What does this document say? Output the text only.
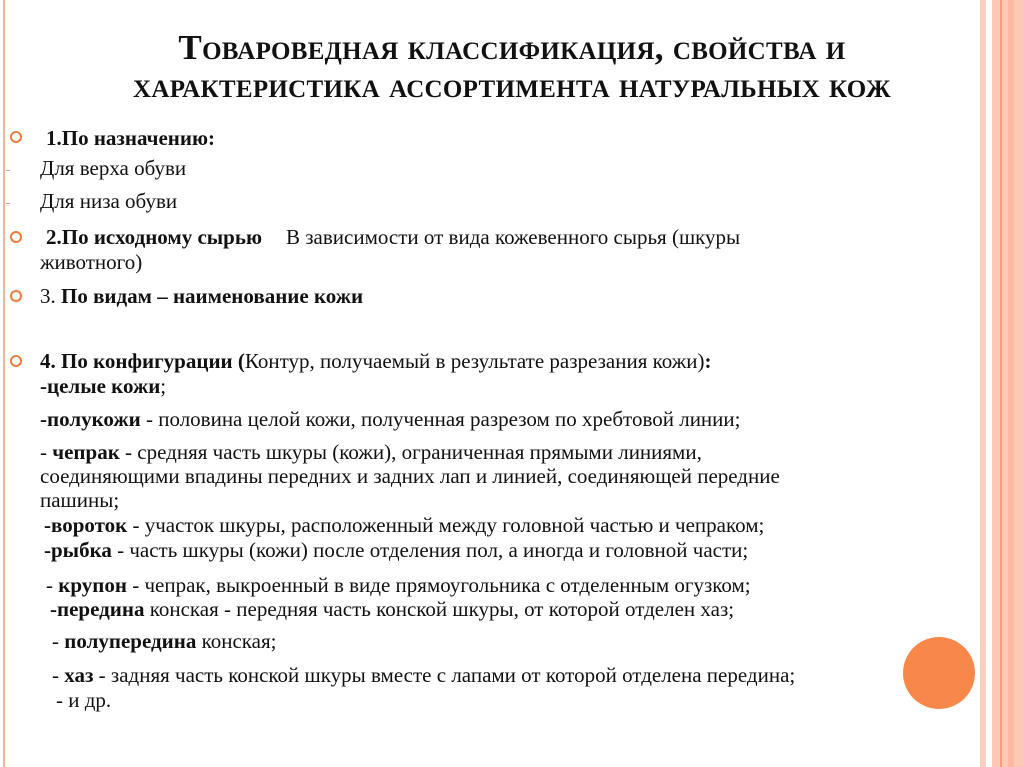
Товароведная классификация, свойства и
характеристика ассортимента натуральных кож
1.По назначению:
Для верха обуви
Для низа обуви
2.По исходному сырью В зависимости от вида кожевенного сырья (шкуры
животного)
3. По видам – наименование кожи
4. По конфигурации (Контур, получаемый в результате разрезания кожи):
-целые кожи;
-полукожи - половина целой кожи, полученная разрезом по хребтовой линии;
- чепрак - средняя часть шкуры (кожи), ограниченная прямыми линиями,
соединяющими впадины передних и задних лап и линией, соединяющей передние
пашины;
-вороток - участок шкуры, расположенный между головной частью и чепраком;
-рыбка - часть шкуры (кожи) после отделения пол, а иногда и головной части;
- крупон - чепрак, выкроенный в виде прямоугольника с отделенным огузком;
-передина конская - передняя часть конской шкуры, от которой отделен хаз;
- полупередина конская;
- хаз - задняя часть конской шкуры вместе с лапами от которой отделена передина;
- и др.
